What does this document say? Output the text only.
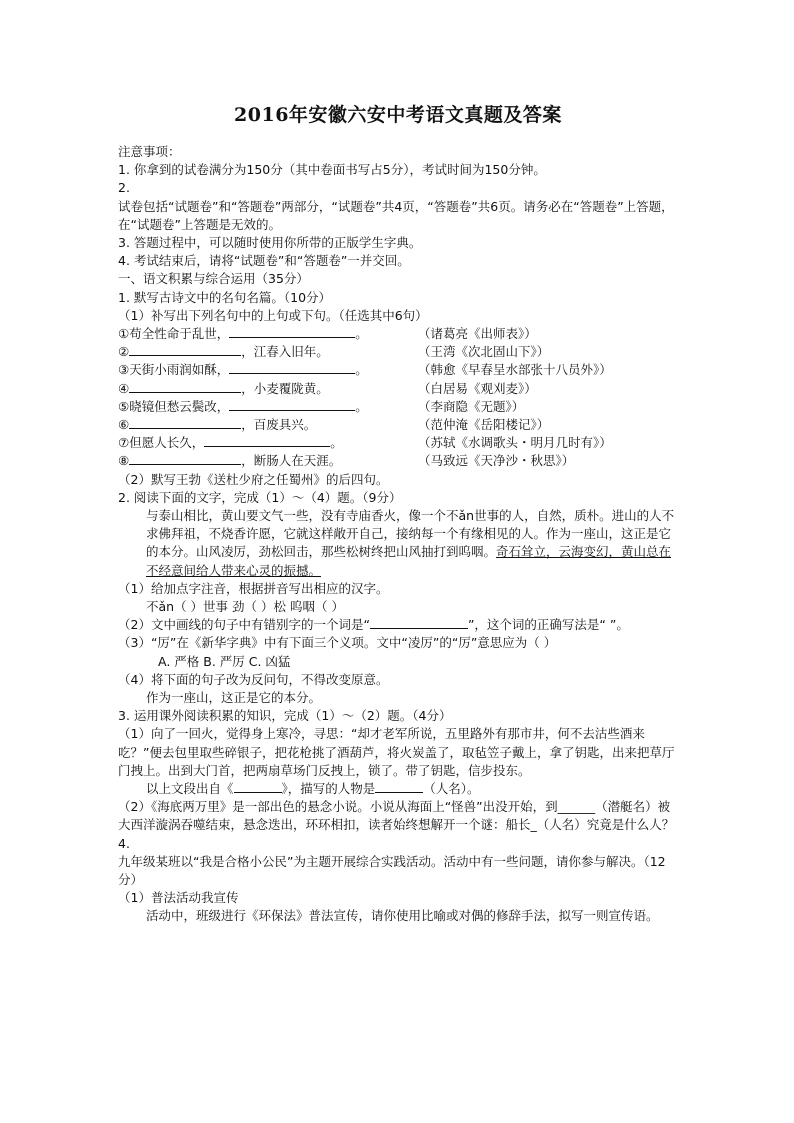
2016年安徽六安中考语文真题及答案
注意事项：
1. 你拿到的试卷满分为150分（其中卷面书写占5分），考试时间为150分钟。
2.
试卷包括“试题卷”和“答题卷”两部分，“试题卷”共4页，“答题卷”共6页。请务必在“答题卷”上答题，在“试题卷”上答题是无效的。
3. 答题过程中，可以随时使用你所带的正版学生字典。
4. 考试结束后，请将“试题卷”和“答题卷”一并交回。
一、语文积累与综合运用（35分）
1. 默写古诗文中的名句名篇。（10分）
（1）补写出下列名句中的上句或下句。（任选其中6句）
①苟全性命于乱世，	。	（诸葛亮《出师表》）
②	，江春入旧年。	（王湾《次北固山下》）
③天街小雨润如酥，	。	（韩愈《早春呈水部张十八员外》）
④	，小麦覆陇黄。	（白居易《观刈麦》）
⑤晓镜但愁云鬓改，	。	（李商隐《无题》）
⑥	，百废具兴。	（范仲淹《岳阳楼记》）
⑦但愿人长久，	。	（苏轼《水调歌头・明月几时有》）
⑧	，断肠人在天涯。	（马致远《天净沙・秋思》）
（2）默写王勃《送杜少府之任蜀州》的后四句。
2. 阅读下面的文字，完成（1）～（4）题。（9分）
与泰山相比，黄山要文气一些，没有寺庙香火，像一个不ǎn世事的人，自然，质朴。进山的人不求佛拜祖，不烧香许愿，它就这样敞开自己，接纳每一个有缘相见的人。作为一座山，这正是它的本分。山风凌厉，劲松回击，那些松树终把山风抽打到呜咽。奇石耸立，云海变幻，黄山总在不经意间给人带来心灵的振撼。
（1）给加点字注音，根据拼音写出相应的汉字。
不ǎn（ ）世事 劲（ ）松 呜咽（ ）
（2）文中画线的句子中有错别字的一个词是“	”，这个词的正确写法是“ ”。
（3）“厉”在《新华字典》中有下面三个义项。文中“凌厉”的“厉”意思应为（ ）
A. 严格 B. 严厉 C. 凶猛
（4）将下面的句子改为反问句，不得改变原意。
作为一座山，这正是它的本分。
3. 运用课外阅读积累的知识，完成（1）～（2）题。（4分）
（1）向了一回火，觉得身上寒冷，寻思：“却才老军所说，五里路外有那市井，何不去沽些酒来吃？”便去包里取些碎银子，把花枪挑了酒葫芦，将火炭盖了，取毡笠子戴上，拿了钥匙，出来把草厅门拽上。出到大门首，把两扇草场门反拽上，锁了。带了钥匙，信步投东。
以上文段出自《	》，描写的人物是	（人名）。
（2）《海底两万里》是一部出色的悬念小说。小说从海面上“怪兽”出没开始，到______（潜艇名）被大西洋漩涡吞噬结束，悬念迭出，环环相扣，读者始终想解开一个谜：船长_（人名）究竟是什么人？
4.
九年级某班以“我是合格小公民”为主题开展综合实践活动。活动中有一些问题，请你参与解决。（12分）
（1）普法活动我宣传
活动中，班级进行《环保法》普法宣传，请你使用比喻或对偶的修辞手法，拟写一则宣传语。
